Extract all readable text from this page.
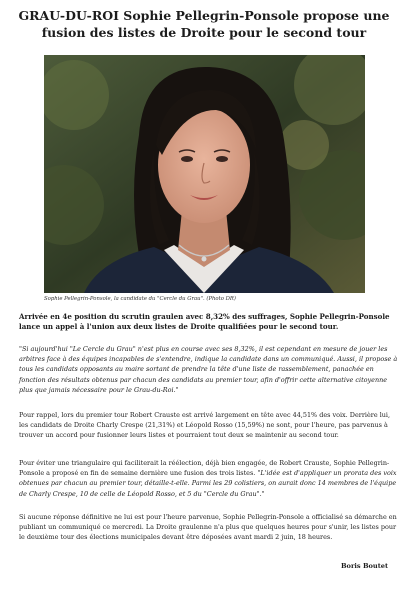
GRAU-DU-ROI Sophie Pellegrin-Ponsole propose une fusion des listes de Droite pour le second tour
Sophie Pellegrin-Ponsole, la candidate du "Cercle du Grau". (Photo DR)
Arrivée en 4e position du scrutin graulen avec 8,32% des suffrages, Sophie Pellegrin-Ponsole lance un appel à l'union aux deux listes de Droite qualifiées pour le second tour.
"Si aujourd'hui "Le Cercle du Grau" n'est plus en course avec ses 8,32%, il est cependant en mesure de jouer les arbitres face à des équipes incapables de s'entendre, indique la candidate dans un communiqué. Aussi, il propose à tous les candidats opposants au maire sortant de prendre la tête d'une liste de rassemblement, panachée en fonction des résultats obtenus par chacun des candidats au premier tour, afin d'offrir cette alternative citoyenne plus que jamais nécessaire pour le Grau-du-Roi."
Pour rappel, lors du premier tour Robert Crauste est arrivé largement en tête avec 44,51% des voix. Derrière lui, les candidats de Droite Charly Crespe (21,31%) et Léopold Rosso (15,59%) ne sont, pour l'heure, pas parvenus à trouver un accord pour fusionner leurs listes et pourraient tout deux se maintenir au second tour.
Pour éviter une triangulaire qui faciliterait la réélection, déjà bien engagée, de Robert Crauste, Sophie Pellegrin-Ponsole a proposé en fin de semaine dernière une fusion des trois listes. "L'idée est d'appliquer un prorata des voix obtenues par chacun au premier tour, détaille-t-elle. Parmi les 29 colistiers, on aurait donc 14 membres de l'équipe de Charly Crespe, 10 de celle de Léopold Rosso, et 5 du "Cercle du Grau"."
Si aucune réponse définitive ne lui est pour l'heure parvenue, Sophie Pellegrin-Ponsole a officialisé sa démarche en publiant un communiqué ce mercredi. La Droite graulenne n'a plus que quelques heures pour s'unir, les listes pour le deuxième tour des élections municipales devant être déposées avant mardi 2 juin, 18 heures.
Boris Boutet
